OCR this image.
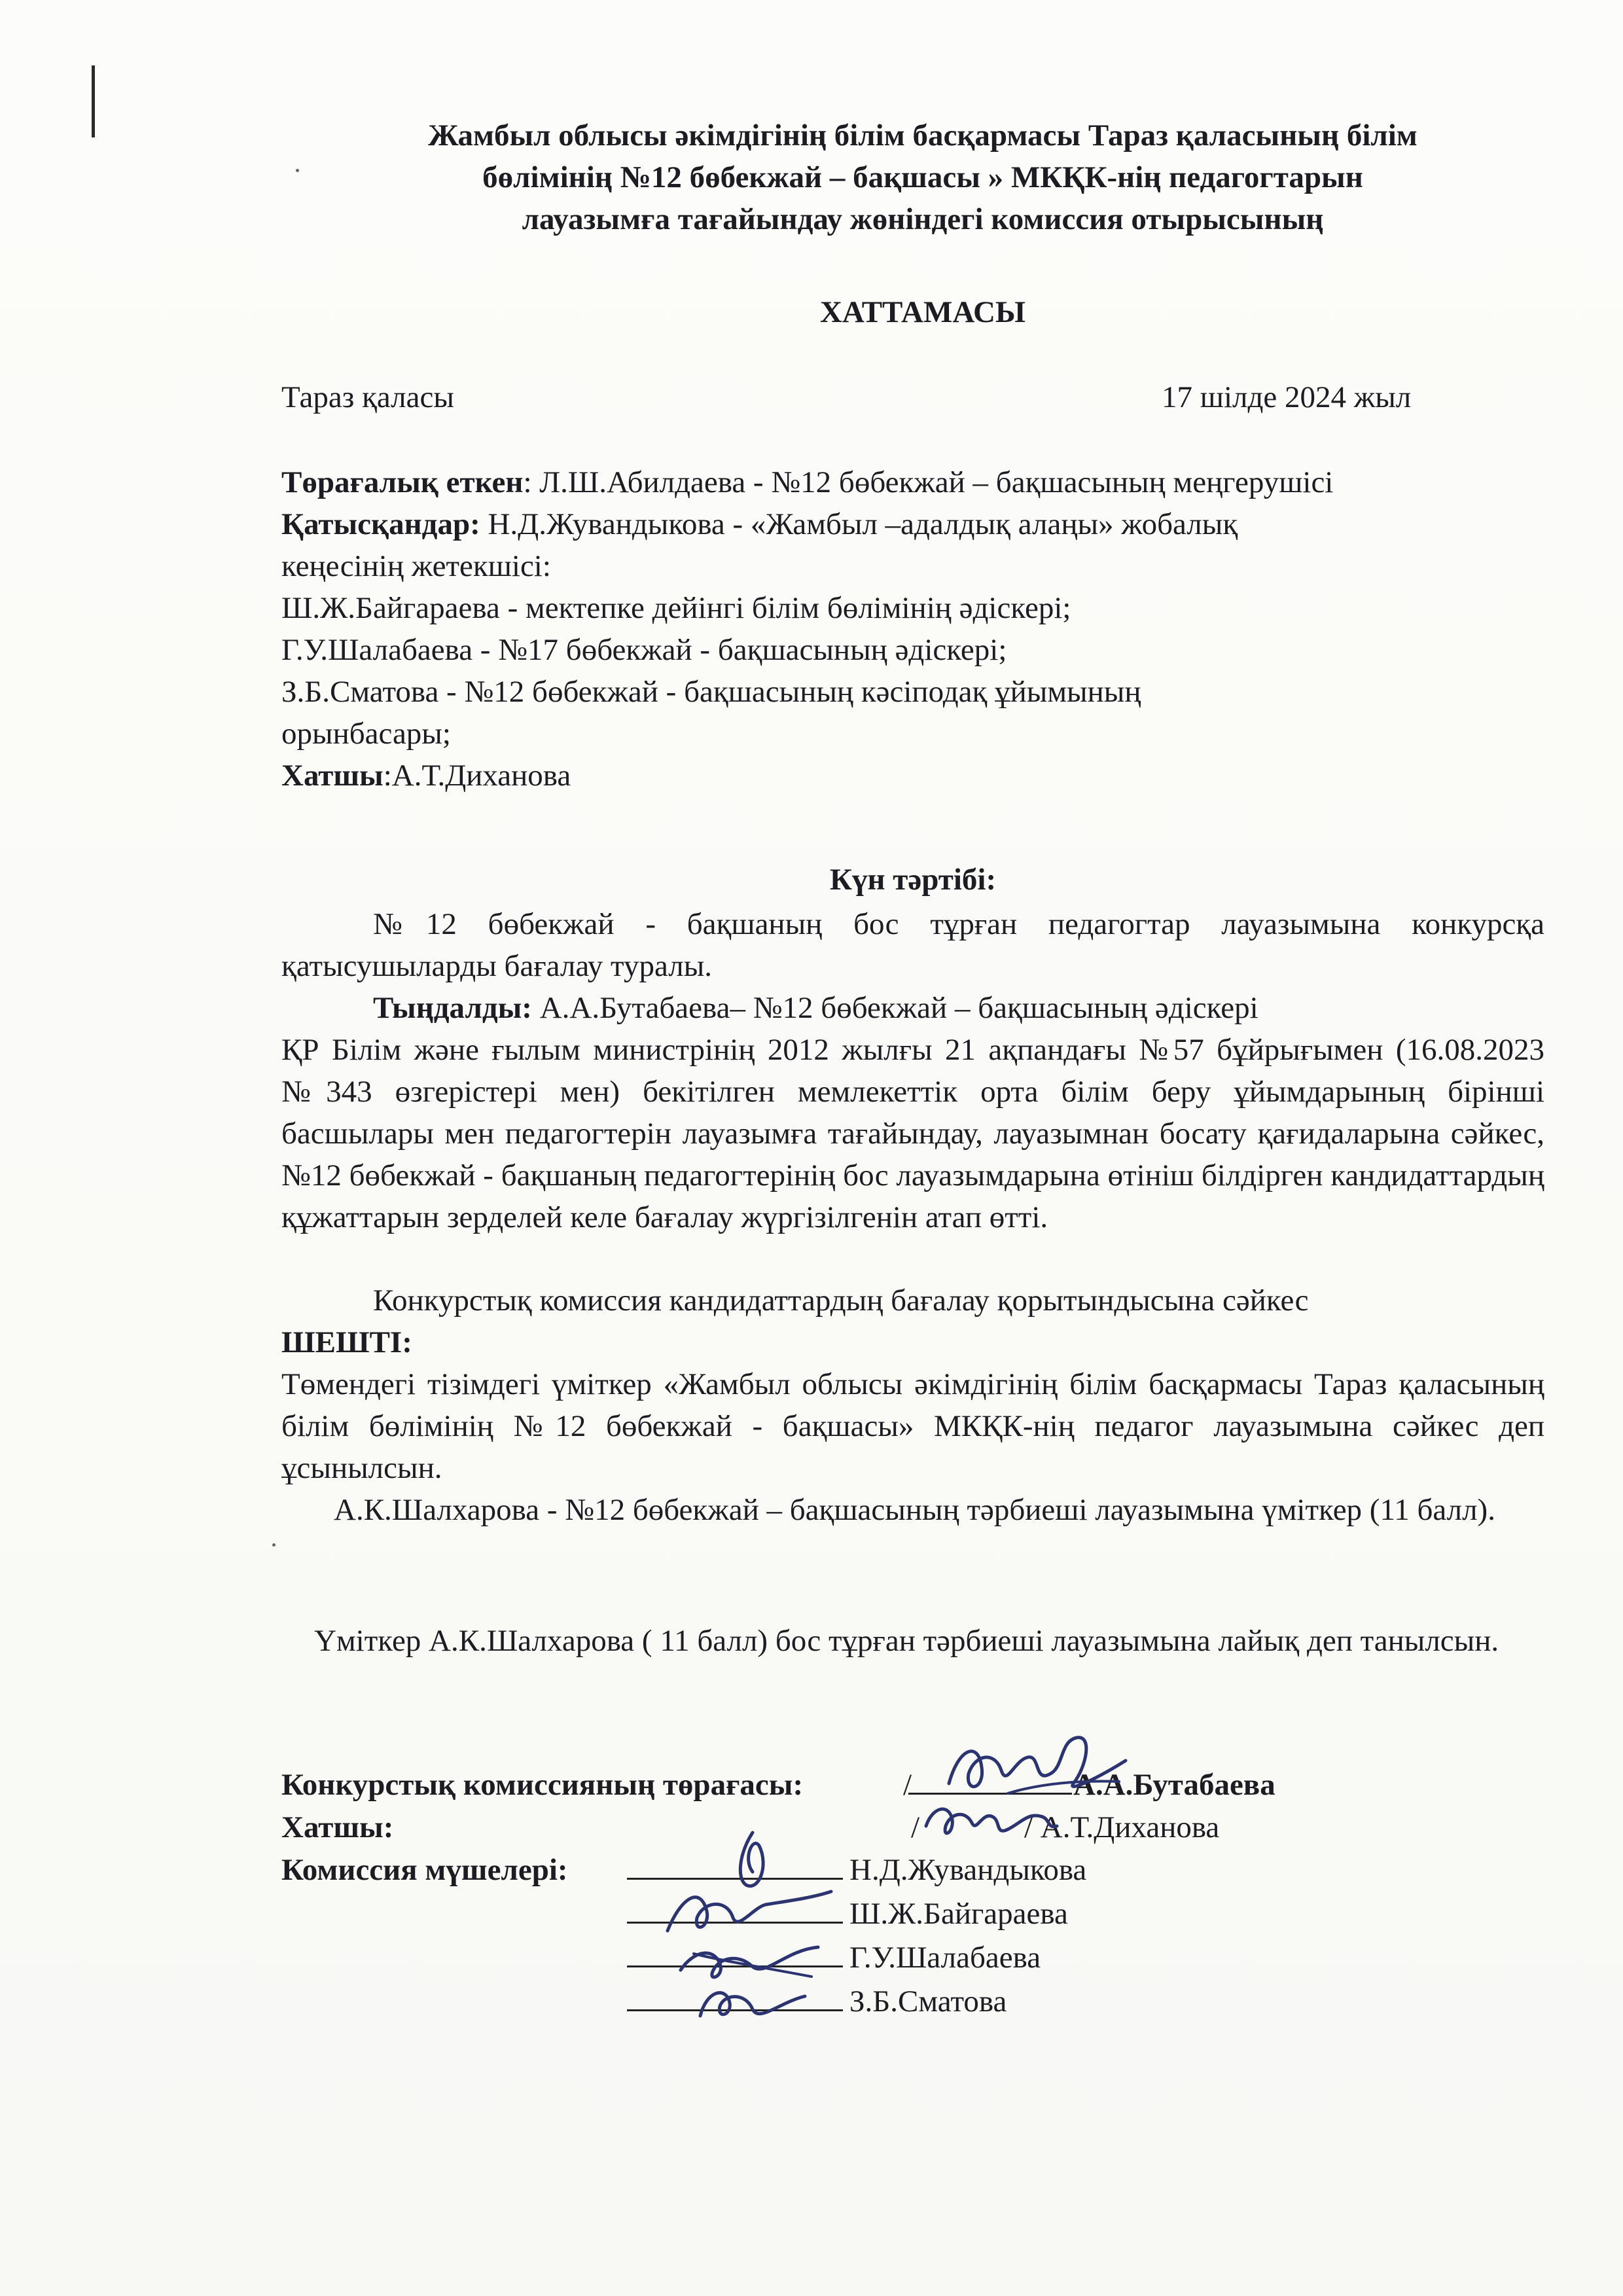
Жамбыл облысы әкімдігінің білім басқармасы Тараз қаласының білім

бөлімінің №12 бөбекжай – бақшасы » МКҚК-нің педагогтарын

лауазымға тағайындау жөніндегі комиссия отырысының

ХАТТАМАСЫ
Тараз қаласы	17 шілде 2024 жыл

Төрағалық еткен: Л.Ш.Абилдаева - №12 бөбекжай – бақшасының меңгерушісі

Қатысқандар: Н.Д.Жувандыкова - «Жамбыл –адалдық алаңы» жобалық

кеңесінің жетекшісі:

Ш.Ж.Байгараева - мектепке дейінгі білім бөлімінің әдіскері;

Г.У.Шалабаева - №17 бөбекжай - бақшасының әдіскері;

З.Б.Сматова - №12 бөбекжай - бақшасының кәсіподақ ұйымының

орынбасары;

Хатшы:А.Т.Диханова

Күн тәртібі:

№12 бөбекжай - бақшаның бос тұрған педагогтар лауазымына конкурсқа қатысушыларды бағалау туралы.

Тыңдалды: А.А.Бутабаева– №12 бөбекжай – бақшасының әдіскері

ҚР Білім және ғылым министрінің 2012 жылғы 21 ақпандағы №57 бұйрығымен (16.08.2023 №343 өзгерістері мен) бекітілген мемлекеттік орта білім беру ұйымдарының бірінші басшылары мен педагогтерін лауазымға тағайындау, лауазымнан босату қағидаларына сәйкес, №12 бөбекжай - бақшаның педагогтерінің бос лауазымдарына өтініш білдірген кандидаттардың құжаттарын зерделей келе бағалау жүргізілгенін атап өтті.

Конкурстық комиссия кандидаттардың бағалау қорытындысына сәйкес

ШЕШТІ:

Төмендегі тізімдегі үміткер «Жамбыл облысы әкімдігінің білім басқармасы Тараз қаласының білім бөлімінің №12 бөбекжай - бақшасы» МКҚК-нің педагог лауазымына сәйкес деп ұсынылсын.

А.К.Шалхарова - №12 бөбекжай – бақшасының тәрбиеші лауазымына үміткер (11 балл).

Үміткер А.К.Шалхарова ( 11 балл) бос тұрған тәрбиеші лауазымына лайық деп танылсын.

Конкурстық комиссияның төрағасы:	/	А.А.Бутабаева
Хатшы:	/	/ А.Т.Диханова
Комиссия мүшелері:	Н.Д.Жувандыкова
Ш.Ж.Байгараева
Г.У.Шалабаева
З.Б.Сматова
